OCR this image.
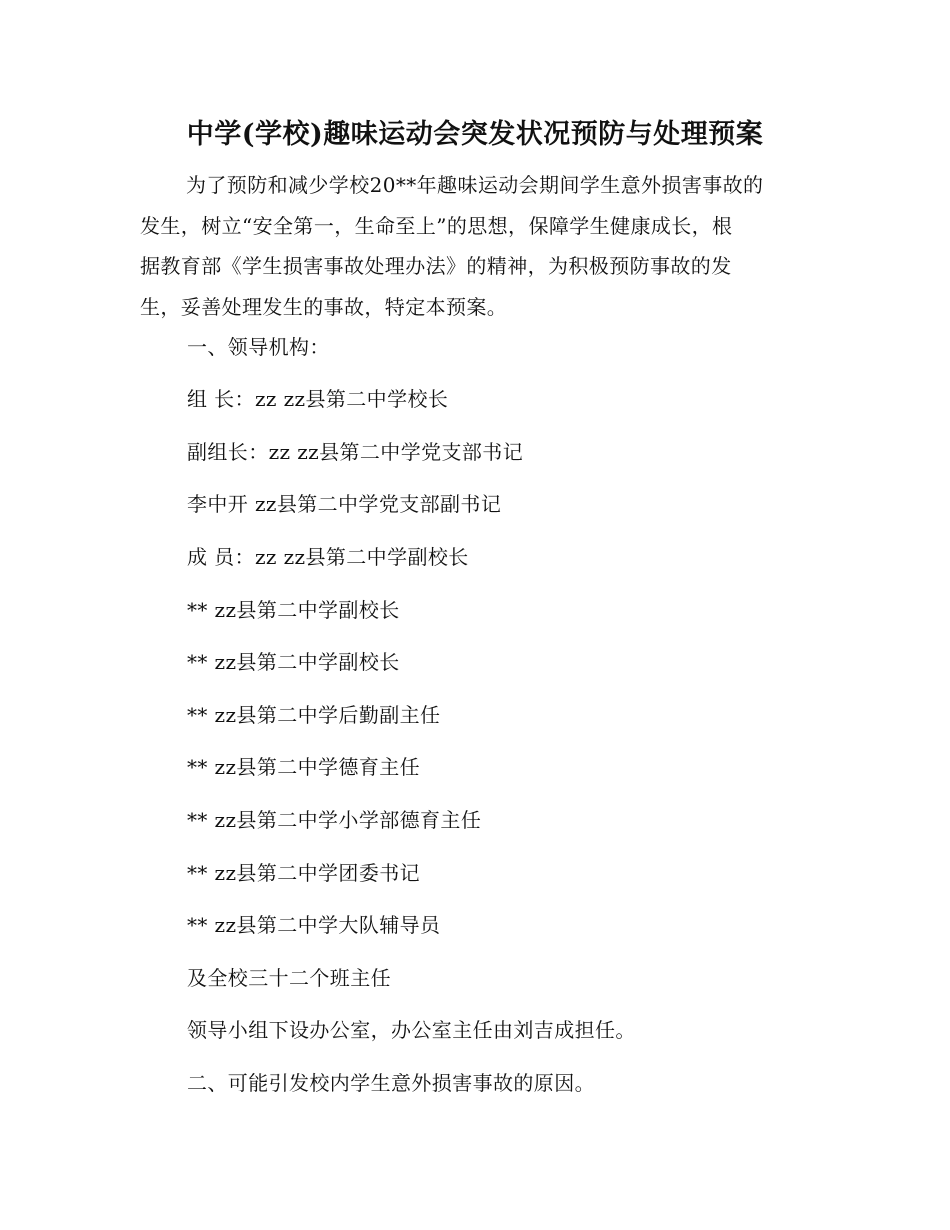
中学(学校)趣味运动会突发状况预防与处理预案
为了预防和减少学校20**年趣味运动会期间学生意外损害事故的
发生，树立“安全第一，生命至上”的思想，保障学生健康成长，根
据教育部《学生损害事故处理办法》的精神，为积极预防事故的发
生，妥善处理发生的事故，特定本预案。
一、领导机构：
组 长：zz zz县第二中学校长
副组长：zz zz县第二中学党支部书记
李中开 zz县第二中学党支部副书记
成 员：zz zz县第二中学副校长
** zz县第二中学副校长
** zz县第二中学副校长
** zz县第二中学后勤副主任
** zz县第二中学德育主任
** zz县第二中学小学部德育主任
** zz县第二中学团委书记
** zz县第二中学大队辅导员
及全校三十二个班主任
领导小组下设办公室，办公室主任由刘吉成担任。
二、可能引发校内学生意外损害事故的原因。
